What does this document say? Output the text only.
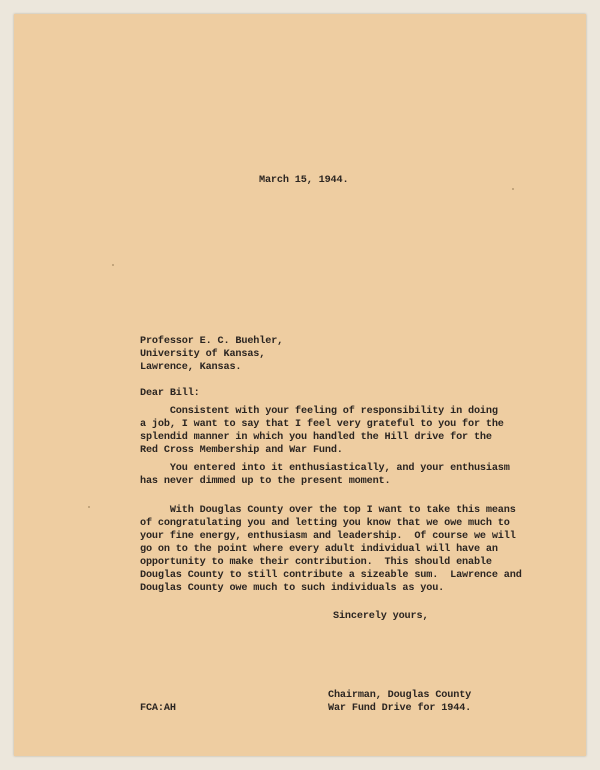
March 15, 1944.

Professor E. C. Buehler,

University of Kansas,

Lawrence, Kansas.

Dear Bill:

Consistent with your feeling of responsibility in doing
a job, I want to say that I feel very grateful to you for the
splendid manner in which you handled the Hill drive for the
Red Cross Membership and War Fund.
You entered into it enthusiastically, and your enthusiasm
has never dimmed up to the present moment.
With Douglas County over the top I want to take this means
of congratulating you and letting you know that we owe much to
your fine energy, enthusiasm and leadership.  Of course we will
go on to the point where every adult individual will have an
opportunity to make their contribution.  This should enable
Douglas County to still contribute a sizeable sum.  Lawrence and
Douglas County owe much to such individuals as you.

Sincerely yours,

Chairman, Douglas County

War Fund Drive for 1944.

FCA:AH
